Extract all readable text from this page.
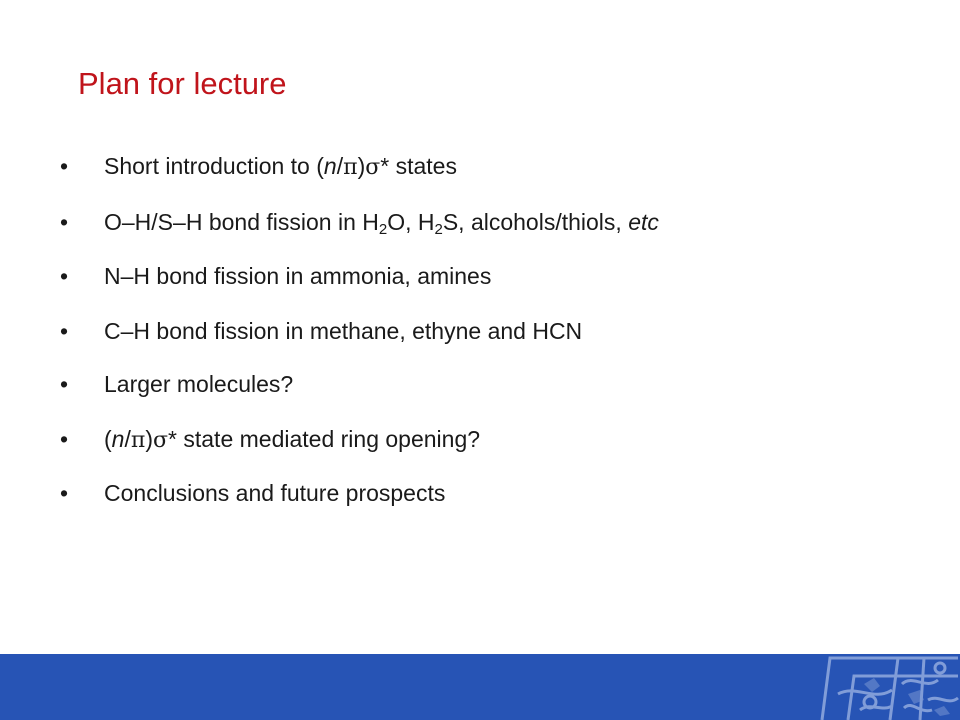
Plan for lecture
•	Short introduction to (n/π)σ* states
•	O–H/S–H bond fission in $H_2O$, $H_2S$, alcohols/thiols, etc
•	N–H bond fission in ammonia, amines
•	C–H bond fission in methane, ethyne and HCN
•	Larger molecules?
•	(n/π)σ* state mediated ring opening?
•	Conclusions and future prospects
